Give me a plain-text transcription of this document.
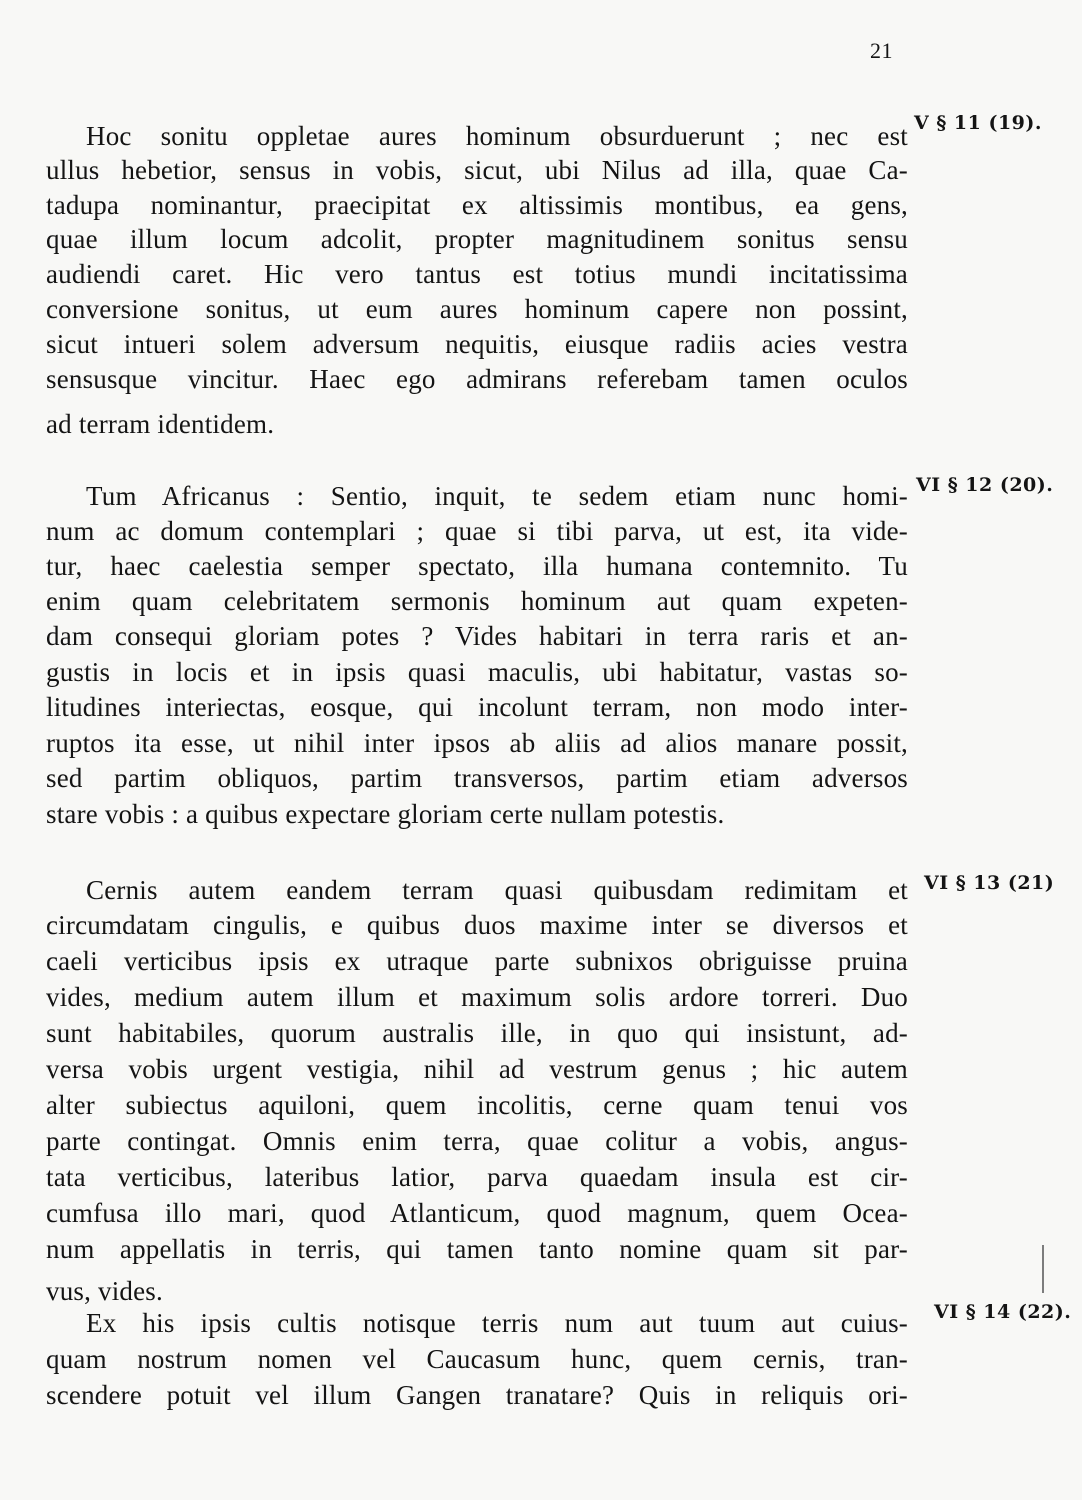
21
V § 11 (19).
VI § 12 (20).
VI § 13 (21)
VI § 14 (22).
Hoc sonitu oppletae aures hominum obsurduerunt ; nec est
ullus hebetior, sensus in vobis, sicut, ubi Nilus ad illa, quae Ca-
tadupa nominantur, praecipitat ex altissimis montibus, ea gens,
quae illum locum adcolit, propter magnitudinem sonitus sensu
audiendi caret. Hic vero tantus est totius mundi incitatissima
conversione sonitus, ut eum aures hominum capere non possint,
sicut intueri solem adversum nequitis, eiusque radiis acies vestra
sensusque vincitur. Haec ego admirans referebam tamen oculos
ad terram identidem.
Tum Africanus : Sentio, inquit, te sedem etiam nunc homi-
num ac domum contemplari ; quae si tibi parva, ut est, ita vide-
tur, haec caelestia semper spectato, illa humana contemnito. Tu
enim quam celebritatem sermonis hominum aut quam expeten-
dam consequi gloriam potes ? Vides habitari in terra raris et an-
gustis in locis et in ipsis quasi maculis, ubi habitatur, vastas so-
litudines interiectas, eosque, qui incolunt terram, non modo inter-
ruptos ita esse, ut nihil inter ipsos ab aliis ad alios manare possit,
sed partim obliquos, partim transversos, partim etiam adversos
stare vobis : a quibus expectare gloriam certe nullam potestis.
Cernis autem eandem terram quasi quibusdam redimitam et
circumdatam cingulis, e quibus duos maxime inter se diversos et
caeli verticibus ipsis ex utraque parte subnixos obriguisse pruina
vides, medium autem illum et maximum solis ardore torreri. Duo
sunt habitabiles, quorum australis ille, in quo qui insistunt, ad-
versa vobis urgent vestigia, nihil ad vestrum genus ; hic autem
alter subiectus aquiloni, quem incolitis, cerne quam tenui vos
parte contingat. Omnis enim terra, quae colitur a vobis, angus-
tata verticibus, lateribus latior, parva quaedam insula est cir-
cumfusa illo mari, quod Atlanticum, quod magnum, quem Ocea-
num appellatis in terris, qui tamen tanto nomine quam sit par-
vus, vides.
Ex his ipsis cultis notisque terris num aut tuum aut cuius-
quam nostrum nomen vel Caucasum hunc, quem cernis, tran-
scendere potuit vel illum Gangen tranatare? Quis in reliquis ori-
